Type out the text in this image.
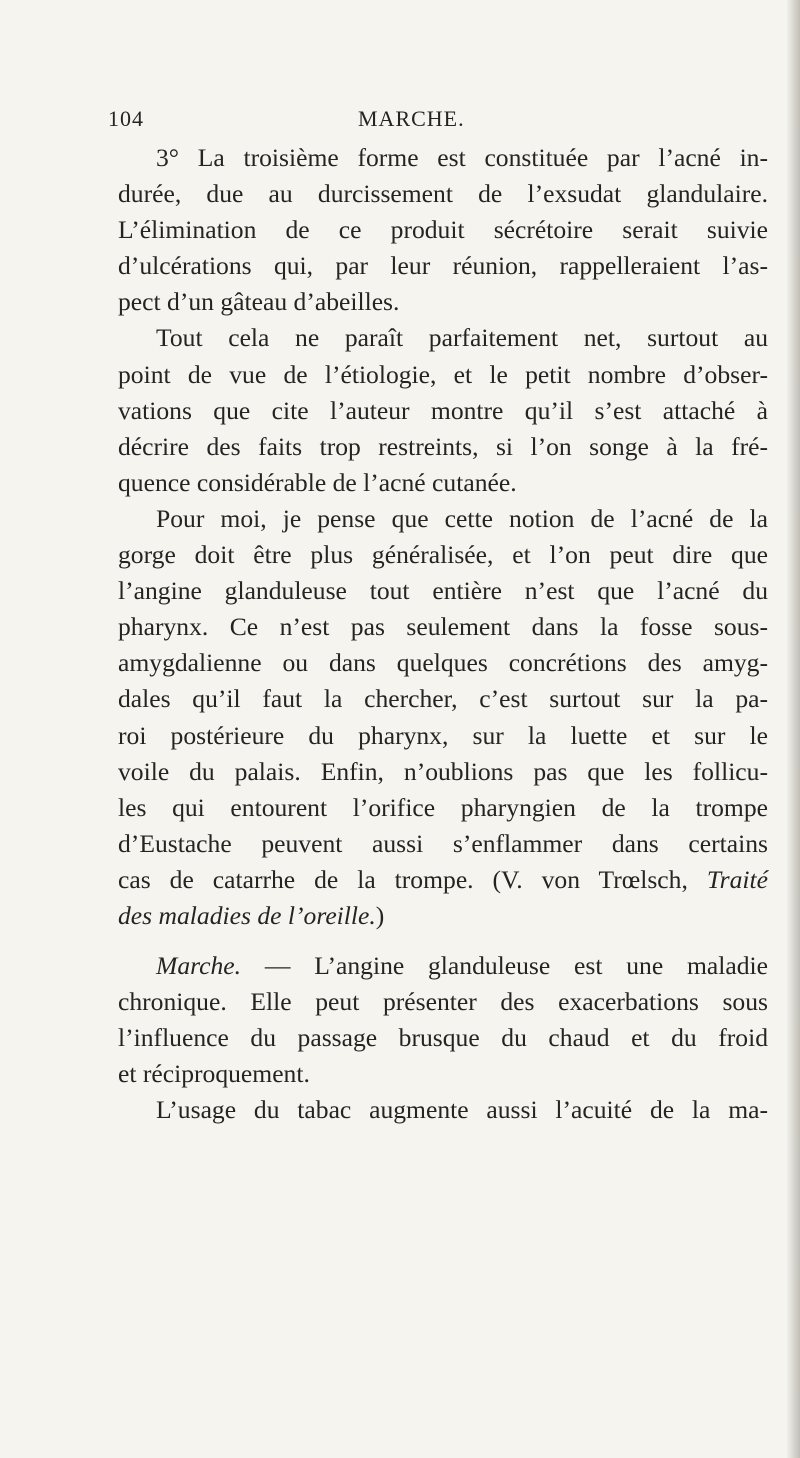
104	MARCHE.
3° La troisième forme est constituée par l’acné in-
durée, due au durcissement de l’exsudat glandulaire.
L’élimination de ce produit sécrétoire serait suivie
d’ulcérations qui, par leur réunion, rappelleraient l’as-
pect d’un gâteau d’abeilles.
Tout cela ne paraît parfaitement net, surtout au
point de vue de l’étiologie, et le petit nombre d’obser-
vations que cite l’auteur montre qu’il s’est attaché à
décrire des faits trop restreints, si l’on songe à la fré-
quence considérable de l’acné cutanée.
Pour moi, je pense que cette notion de l’acné de la
gorge doit être plus généralisée, et l’on peut dire que
l’angine glanduleuse tout entière n’est que l’acné du
pharynx. Ce n’est pas seulement dans la fosse sous-
amygdalienne ou dans quelques concrétions des amyg-
dales qu’il faut la chercher, c’est surtout sur la pa-
roi postérieure du pharynx, sur la luette et sur le
voile du palais. Enfin, n’oublions pas que les follicu-
les qui entourent l’orifice pharyngien de la trompe
d’Eustache peuvent aussi s’enflammer dans certains
cas de catarrhe de la trompe. (V. von Trœlsch, Traité
des maladies de l’oreille.)
Marche. — L’angine glanduleuse est une maladie
chronique. Elle peut présenter des exacerbations sous
l’influence du passage brusque du chaud et du froid
et réciproquement.
L’usage du tabac augmente aussi l’acuité de la ma-
